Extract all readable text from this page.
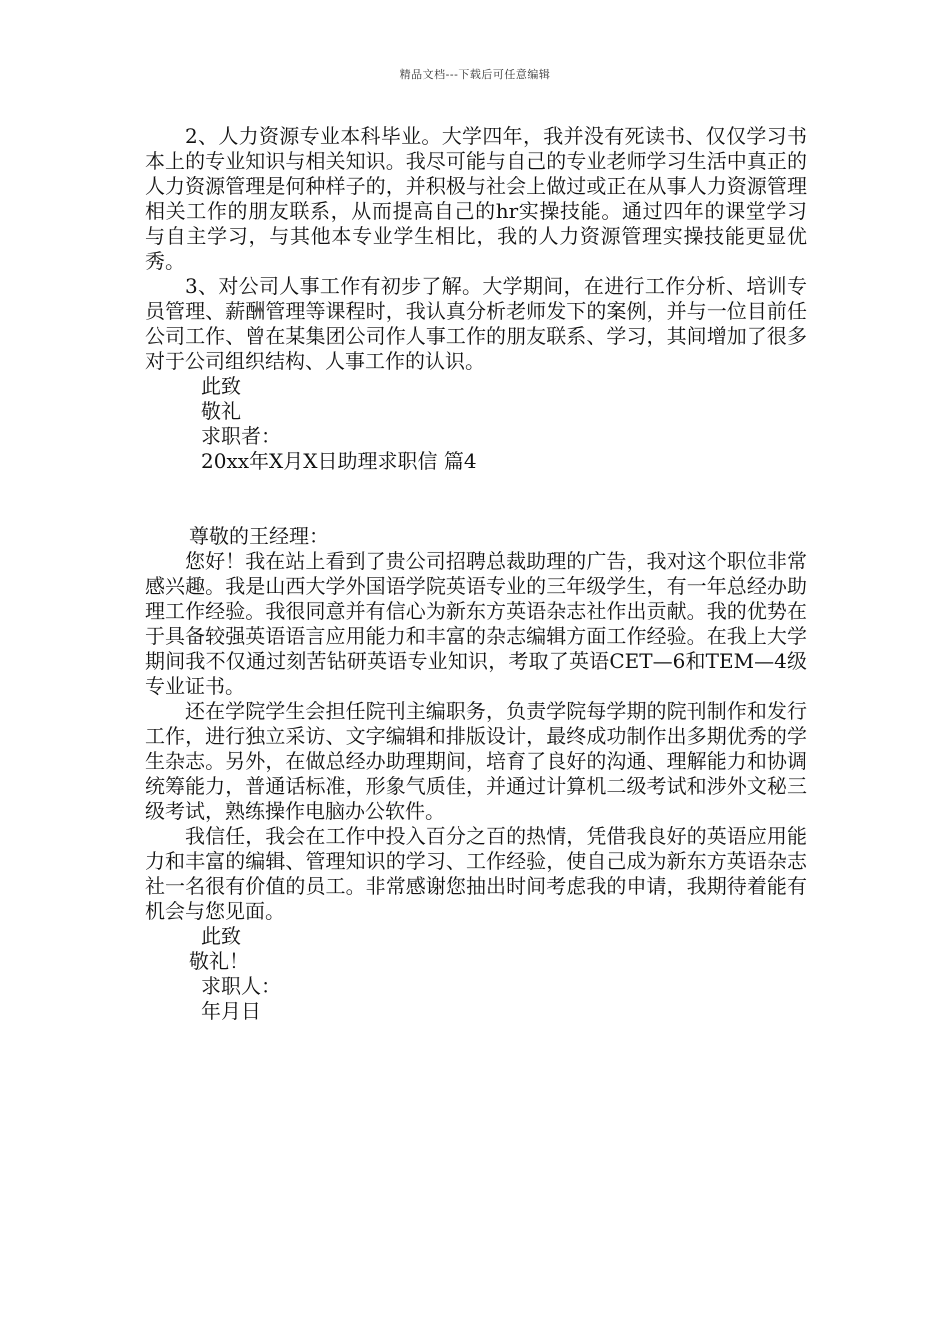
精品文档---下载后可任意编辑

2、人力资源专业本科毕业。大学四年，我并没有死读书、仅仅学习书本上的专业知识与相关知识。我尽可能与自己的专业老师学习生活中真正的人力资源管理是何种样子的，并积极与社会上做过或正在从事人力资源管理相关工作的朋友联系，从而提高自己的hr实操技能。通过四年的课堂学习与自主学习，与其他本专业学生相比，我的人力资源管理实操技能更显优秀。

3、对公司人事工作有初步了解。大学期间，在进行工作分析、培训专员管理、薪酬管理等课程时，我认真分析老师发下的案例，并与一位目前任公司工作、曾在某集团公司作人事工作的朋友联系、学习，其间增加了很多对于公司组织结构、人事工作的认识。

此致

敬礼

求职者：

20xx年X月X日助理求职信 篇4

尊敬的王经理：

您好！我在站上看到了贵公司招聘总裁助理的广告，我对这个职位非常感兴趣。我是山西大学外国语学院英语专业的三年级学生，有一年总经办助理工作经验。我很同意并有信心为新东方英语杂志社作出贡献。我的优势在于具备较强英语语言应用能力和丰富的杂志编辑方面工作经验。在我上大学期间我不仅通过刻苦钻研英语专业知识，考取了英语CET—6和TEM—4级专业证书。

还在学院学生会担任院刊主编职务，负责学院每学期的院刊制作和发行工作，进行独立采访、文字编辑和排版设计，最终成功制作出多期优秀的学生杂志。另外，在做总经办助理期间，培育了良好的沟通、理解能力和协调统筹能力，普通话标准，形象气质佳，并通过计算机二级考试和涉外文秘三级考试，熟练操作电脑办公软件。

我信任，我会在工作中投入百分之百的热情，凭借我良好的英语应用能力和丰富的编辑、管理知识的学习、工作经验，使自己成为新东方英语杂志社一名很有价值的员工。非常感谢您抽出时间考虑我的申请，我期待着能有机会与您见面。

此致

敬礼！

求职人：

年月日
